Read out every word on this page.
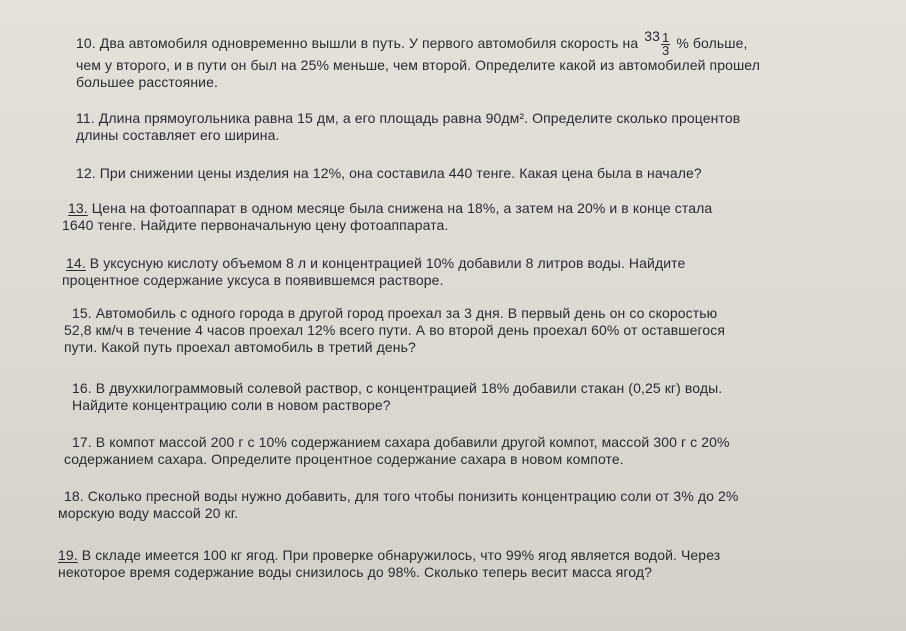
10. Два автомобиля одновременно вышли в путь. У первого автомобиля скорость на $33 \frac{1}{3}$ % больше,
чем у второго, и в пути он был на 25% меньше, чем второй. Определите какой из автомобилей прошел
большее расстояние.
11. Длина прямоугольника равна 15 дм, а его площадь равна 90дм². Определите сколько процентов
длины составляет его ширина.
12. При снижении цены изделия на 12%, она составила 440 тенге. Какая цена была в начале?
13. Цена на фотоаппарат в одном месяце была снижена на 18%, а затем на 20% и в конце стала
1640 тенге. Найдите первоначальную цену фотоаппарата.
14. В уксусную кислоту объемом 8 л и концентрацией 10% добавили 8 литров воды. Найдите
процентное содержание уксуса в появившемся растворе.
15. Автомобиль с одного города в другой город проехал за 3 дня. В первый день он со скоростью
52,8 км/ч в течение 4 часов проехал 12% всего пути. А во второй день проехал 60% от оставшегося
пути. Какой путь проехал автомобиль в третий день?
16. В двухкилограммовый солевой раствор, с концентрацией 18% добавили стакан (0,25 кг) воды.
Найдите концентрацию соли в новом растворе?
17. В компот массой 200 г с 10% содержанием сахара добавили другой компот, массой 300 г с 20%
содержанием сахара. Определите процентное содержание сахара в новом компоте.
18. Сколько пресной воды нужно добавить, для того чтобы понизить концентрацию соли от 3% до 2%
морскую воду массой 20 кг.
19. В складе имеется 100 кг ягод. При проверке обнаружилось, что 99% ягод является водой. Через
некоторое время содержание воды снизилось до 98%. Сколько теперь весит масса ягод?
